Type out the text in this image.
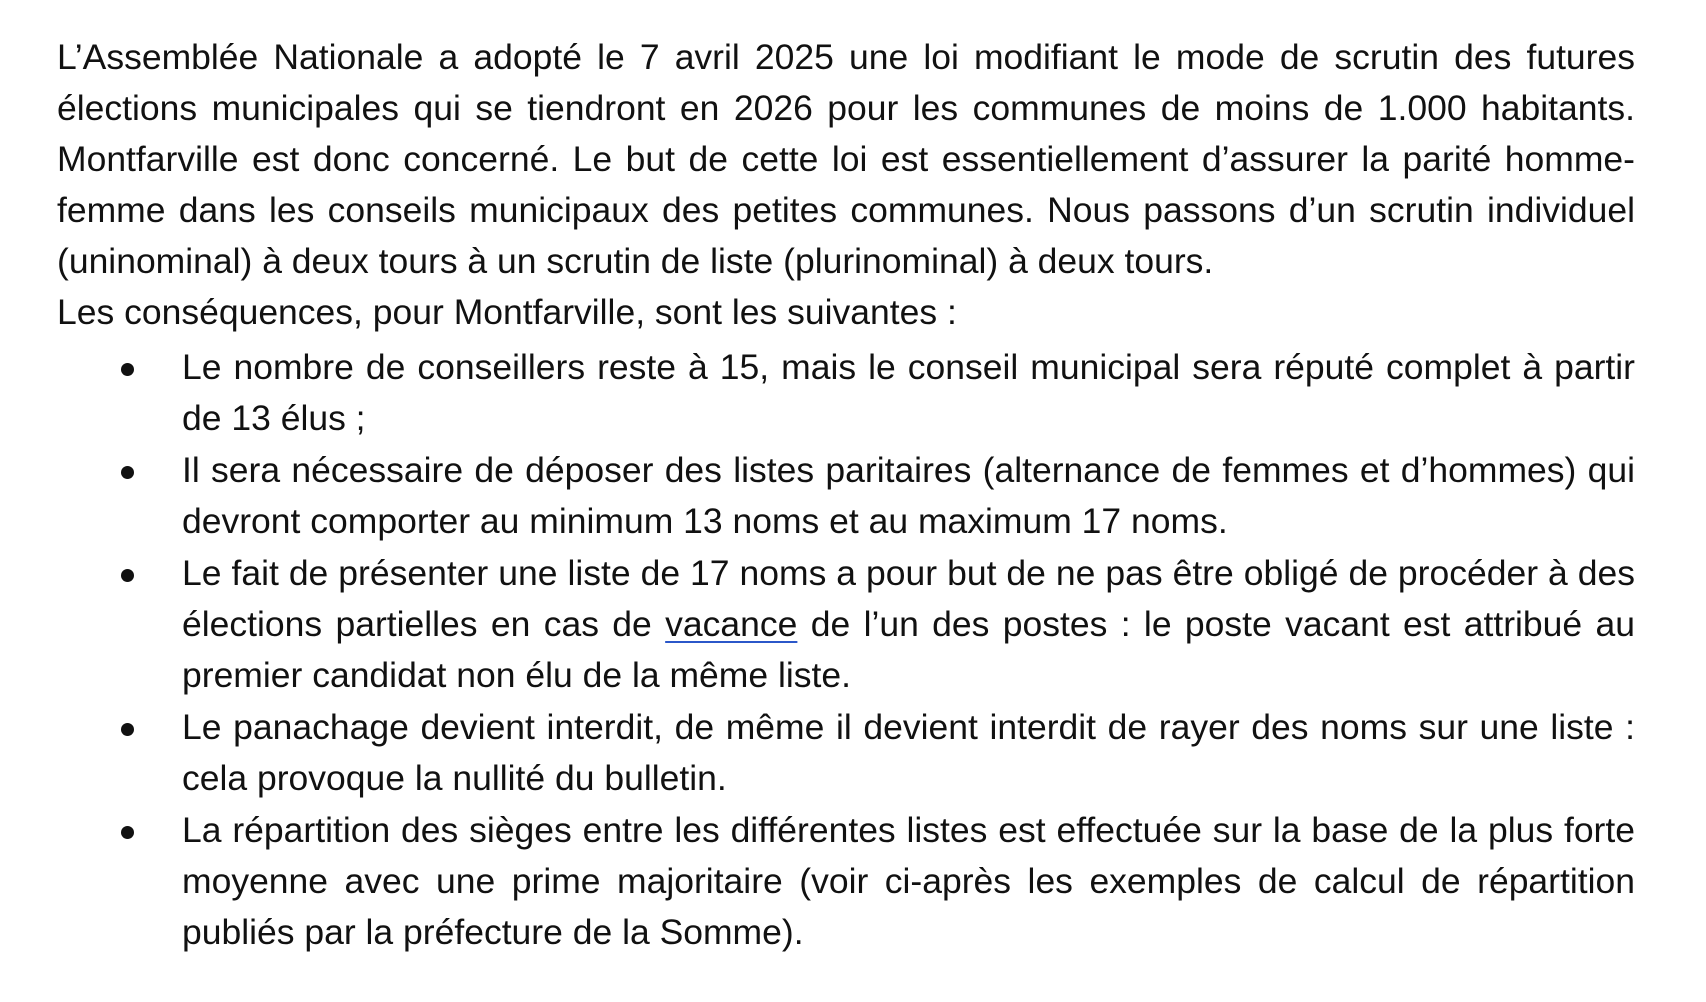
L’Assemblée Nationale a adopté le 7 avril 2025 une loi modifiant le mode de scrutin des futures élections municipales qui se tiendront en 2026 pour les communes de moins de 1.000 habitants. Montfarville est donc concerné. Le but de cette loi est essentiellement d’assurer la parité homme-femme dans les conseils municipaux des petites communes. Nous passons d’un scrutin individuel (uninominal) à deux tours à un scrutin de liste (plurinominal) à deux tours.

Les conséquences, pour Montfarville, sont les suivantes :

Le nombre de conseillers reste à 15, mais le conseil municipal sera réputé complet à partir de 13 élus ;
Il sera nécessaire de déposer des listes paritaires (alternance de femmes et d’hommes) qui devront comporter au minimum 13 noms et au maximum 17 noms.
Le fait de présenter une liste de 17 noms a pour but de ne pas être obligé de procéder à des élections partielles en cas de vacance de l’un des postes : le poste vacant est attribué au premier candidat non élu de la même liste.
Le panachage devient interdit, de même il devient interdit de rayer des noms sur une liste : cela provoque la nullité du bulletin.
La répartition des sièges entre les différentes listes est effectuée sur la base de la plus forte moyenne avec une prime majoritaire (voir ci-après les exemples de calcul de répartition publiés par la préfecture de la Somme).
